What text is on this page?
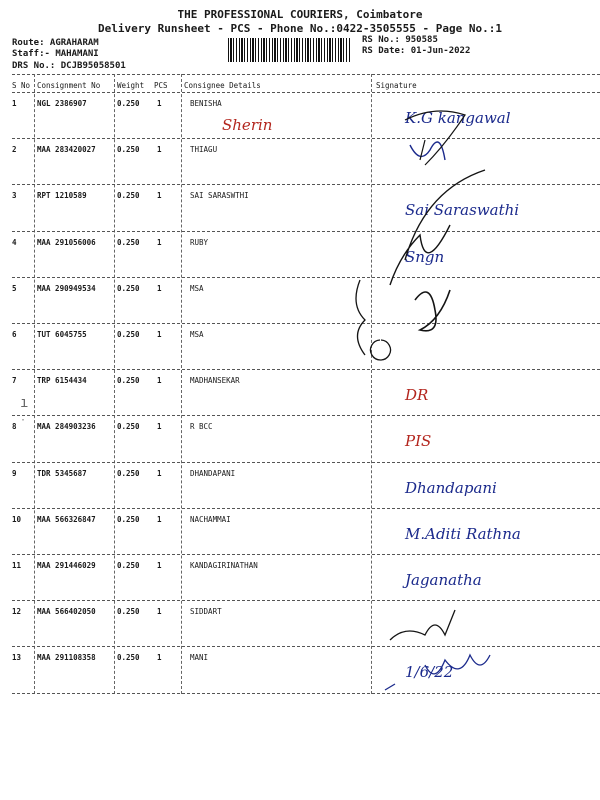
THE PROFESSIONAL COURIERS, Coimbatore
Delivery Runsheet - PCS - Phone No.:0422-3505555 - Page No.:1
Route: AGRAHARAM
Staff:- MAHAMANI
DRS No.: DCJB95058501
RS No.: 950585
RS Date: 01-Jun-2022
S No Consignment No Weight PCS Consignee Details	Signature
1	NGL 2386907	0.250 1	BENISHA
Sherin	K.G kangawal
2	MAA 283420027	0.250 1	THIAGU
3	RPT 1210589	0.250 1	SAI SARASWTHI
Sai Saraswathi
4	MAA 291056006	0.250 1	RUBY
Sngn
5	MAA 290949534	0.250 1	MSA
6	TUT 6045755	0.250 1	MSA
7	TRP 6154434	0.250 1	MADHANSEKAR
DR
8	MAA 284903236	0.250 1	R BCC
PIS
9	TDR 5345687	0.250 1	DHANDAPANI
Dhandapani
10 MAA 566326847	0.250 1	NACHAMMAI
M.Aditi Rathna
11 MAA 291446029	0.250 1	KANDAGIRINATHAN
Jaganatha
12 MAA 566402050	0.250 1	SIDDART
13 MAA 291108358	0.250 1	MANI
1/6/22
ı
·
